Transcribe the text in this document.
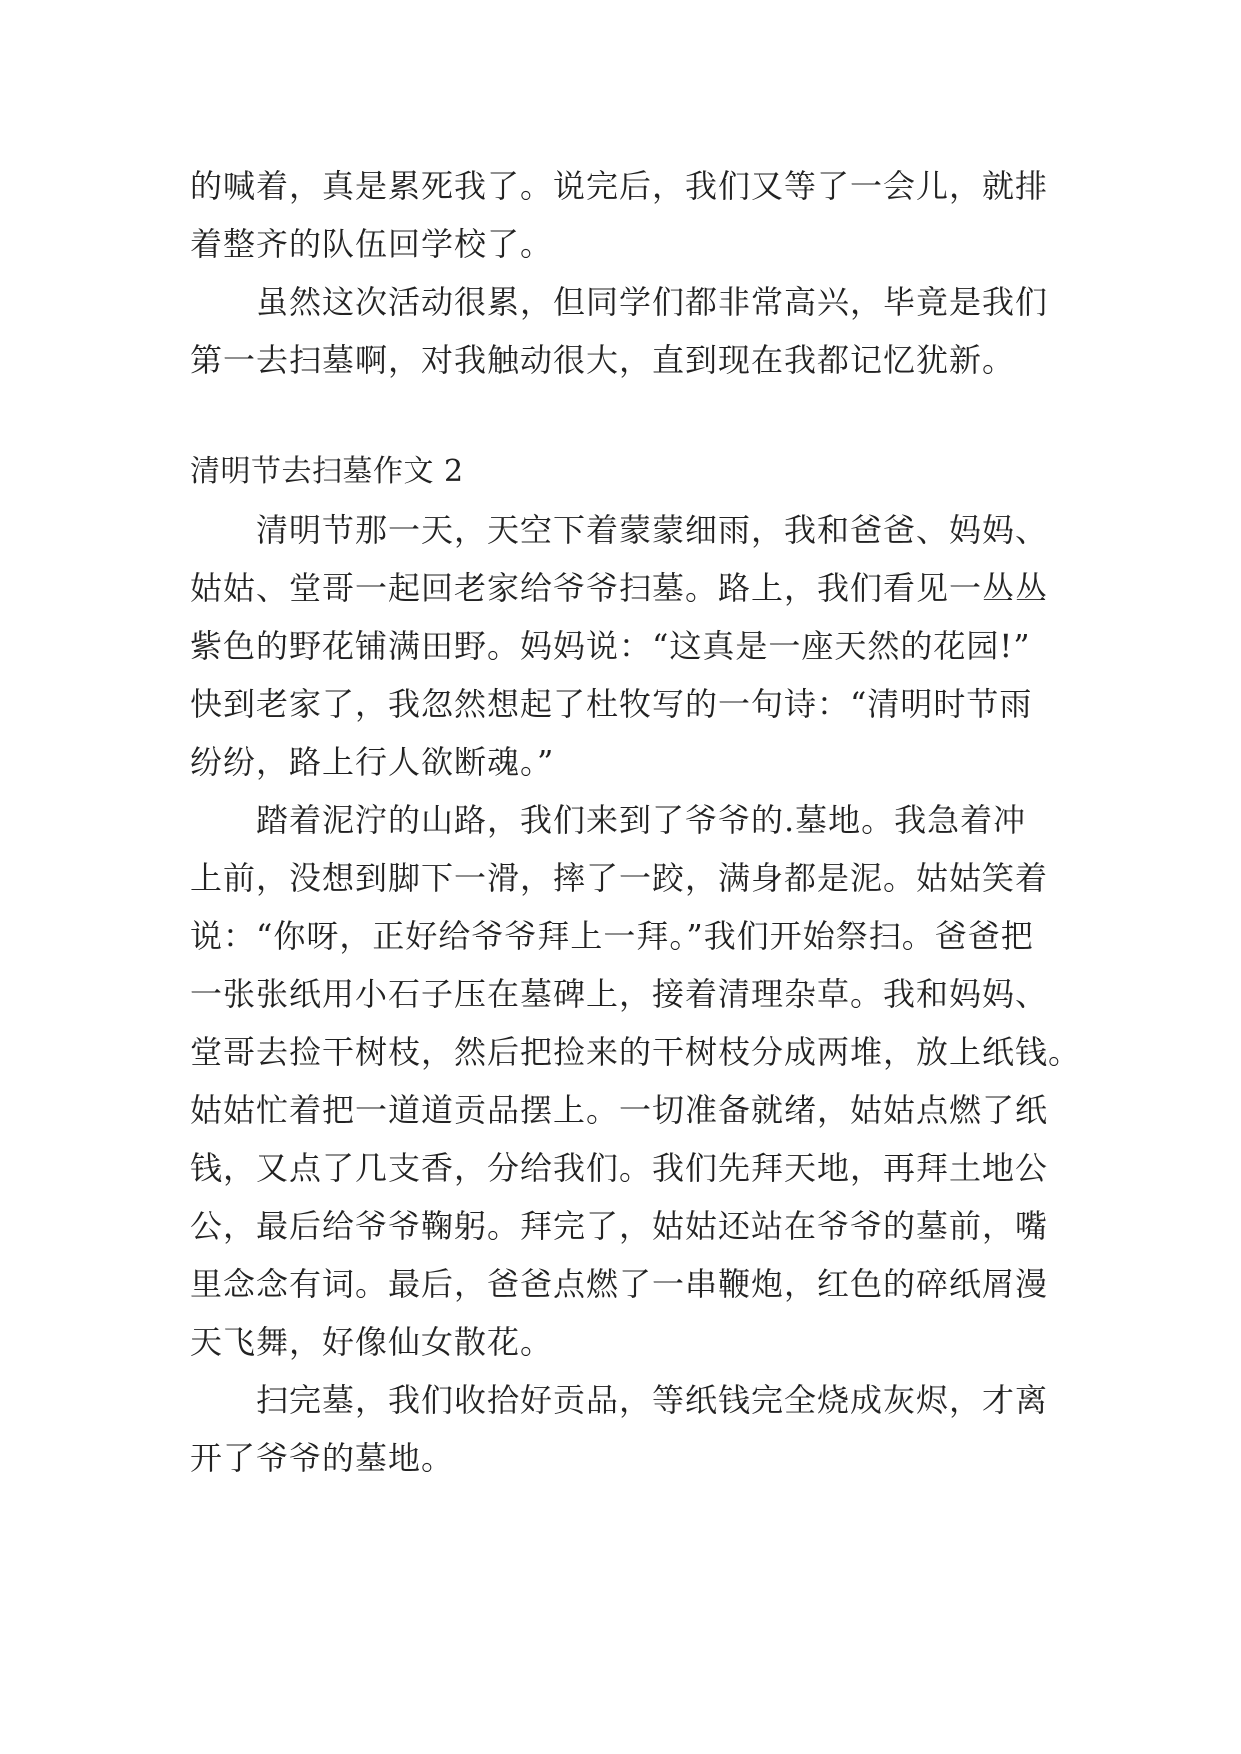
的喊着，真是累死我了。说完后，我们又等了一会儿，就排
着整齐的队伍回学校了。
虽然这次活动很累，但同学们都非常高兴，毕竟是我们
第一去扫墓啊，对我触动很大，直到现在我都记忆犹新。
清明节去扫墓作文 2
清明节那一天，天空下着蒙蒙细雨，我和爸爸、妈妈、
姑姑、堂哥一起回老家给爷爷扫墓。路上，我们看见一丛丛
紫色的野花铺满田野。妈妈说：“这真是一座天然的花园!”
快到老家了，我忽然想起了杜牧写的一句诗：“清明时节雨
纷纷，路上行人欲断魂。”
踏着泥泞的山路，我们来到了爷爷的.墓地。我急着冲
上前，没想到脚下一滑，摔了一跤，满身都是泥。姑姑笑着
说：“你呀，正好给爷爷拜上一拜。”我们开始祭扫。爸爸把
一张张纸用小石子压在墓碑上，接着清理杂草。我和妈妈、
堂哥去捡干树枝，然后把捡来的干树枝分成两堆，放上纸钱。
姑姑忙着把一道道贡品摆上。一切准备就绪，姑姑点燃了纸
钱，又点了几支香，分给我们。我们先拜天地，再拜土地公
公，最后给爷爷鞠躬。拜完了，姑姑还站在爷爷的墓前，嘴
里念念有词。最后，爸爸点燃了一串鞭炮，红色的碎纸屑漫
天飞舞，好像仙女散花。
扫完墓，我们收拾好贡品，等纸钱完全烧成灰烬，才离
开了爷爷的墓地。
